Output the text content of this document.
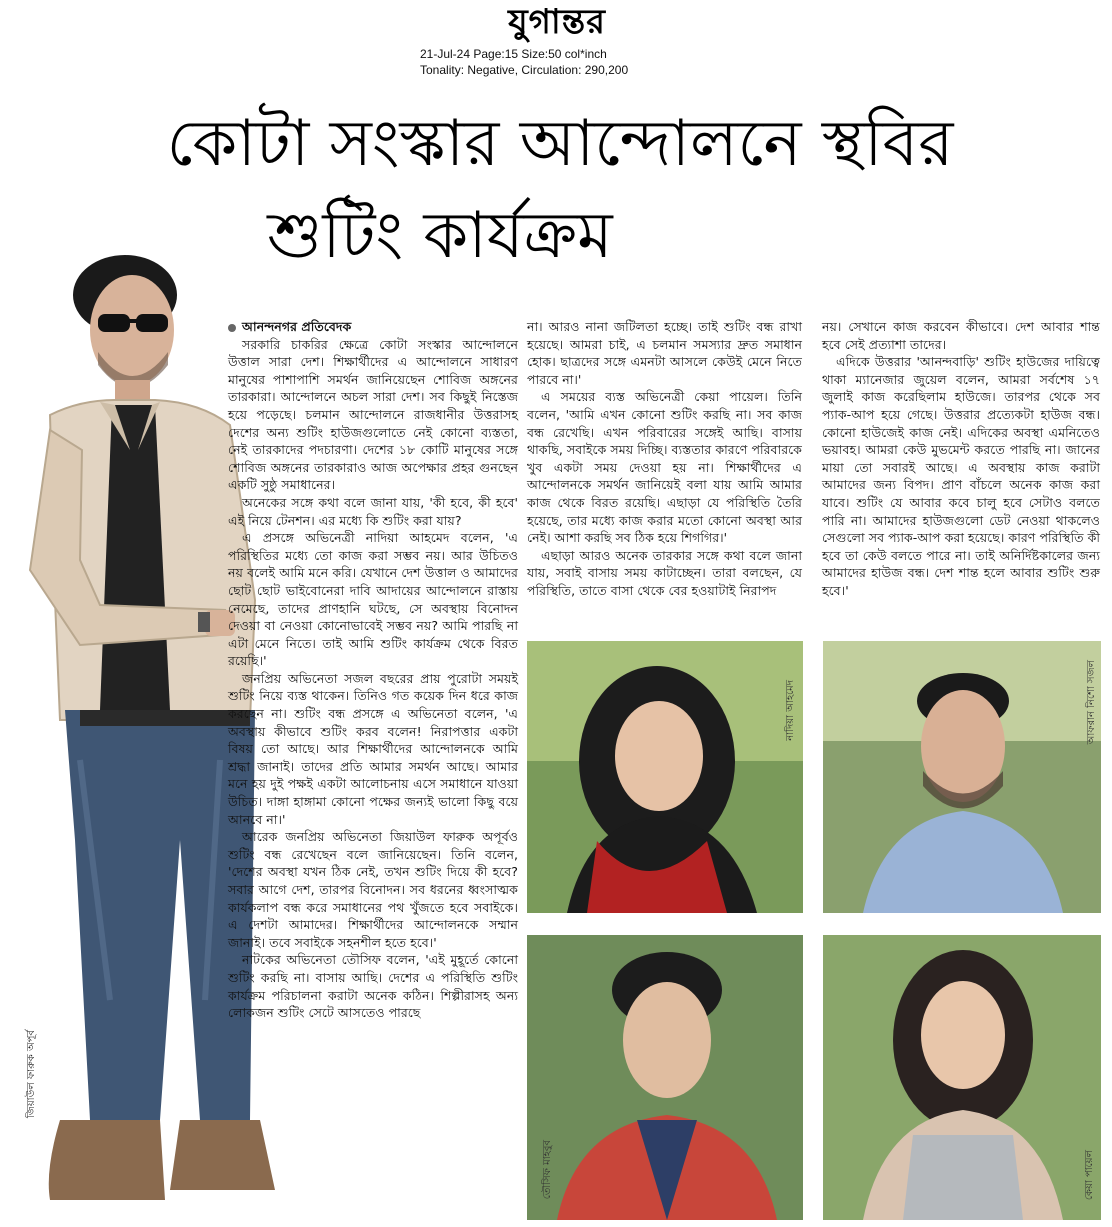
যুগান্তর
21-Jul-24 Page:15 Size:50 col*inch
Tonality: Negative, Circulation: 290,200
কোটা সংস্কার আন্দোলনে স্থবির

শুটিং কার্যক্রম
জিয়াউল ফারুক অপূর্ব

আনন্দনগর প্রতিবেদক

সরকারি চাকরির ক্ষেত্রে কোটা সংস্কার আন্দোলনে উত্তাল সারা দেশ। শিক্ষার্থীদের এ আন্দোলনে সাধারণ মানুষের পাশাপাশি সমর্থন জানিয়েছেন শোবিজ অঙ্গনের তারকারা। আন্দোলনে অচল সারা দেশ। সব কিছুই নিস্তেজ হয়ে পড়েছে। চলমান আন্দোলনে রাজধানীর উত্তরাসহ দেশের অন্য শুটিং হাউজগুলোতে নেই কোনো ব্যস্ততা, নেই তারকাদের পদচারণা। দেশের ১৮ কোটি মানুষের সঙ্গে শোবিজ অঙ্গনের তারকারাও আজ অপেক্ষার প্রহর গুনছেন একটি সুষ্ঠু সমাধানের।

অনেকের সঙ্গে কথা বলে জানা যায়, 'কী হবে, কী হবে' এই নিয়ে টেনশন। এর মধ্যে কি শুটিং করা যায়?

এ প্রসঙ্গে অভিনেত্রী নাদিয়া আহমেদ বলেন, 'এ পরিস্থিতির মধ্যে তো কাজ করা সম্ভব নয়। আর উচিতও নয় বলেই আমি মনে করি। যেখানে দেশ উত্তাল ও আমাদের ছোট ছোট ভাইবোনেরা দাবি আদায়ের আন্দোলনে রাস্তায় নেমেছে, তাদের প্রাণহানি ঘটছে, সে অবস্থায় বিনোদন দেওয়া বা নেওয়া কোনোভাবেই সম্ভব নয়? আমি পারছি না এটা মেনে নিতে। তাই আমি শুটিং কার্যক্রম থেকে বিরত রয়েছি।'

জনপ্রিয় অভিনেতা সজল বছরের প্রায় পুরোটা সময়ই শুটিং নিয়ে ব্যস্ত থাকেন। তিনিও গত কয়েক দিন ধরে কাজ করছেন না। শুটিং বন্ধ প্রসঙ্গে এ অভিনেতা বলেন, 'এ অবস্থায় কীভাবে শুটিং করব বলেন! নিরাপত্তার একটা বিষয় তো আছে। আর শিক্ষার্থীদের আন্দোলনকে আমি শ্রদ্ধা জানাই। তাদের প্রতি আমার সমর্থন আছে। আমার মনে হয় দুই পক্ষই একটা আলোচনায় এসে সমাধানে যাওয়া উচিত। দাঙ্গা হাঙ্গামা কোনো পক্ষের জন্যই ভালো কিছু বয়ে আনবে না।'

আরেক জনপ্রিয় অভিনেতা জিয়াউল ফারুক অপূর্বও শুটিং বন্ধ রেখেছেন বলে জানিয়েছেন। তিনি বলেন, 'দেশের অবস্থা যখন ঠিক নেই, তখন শুটিং দিয়ে কী হবে? সবার আগে দেশ, তারপর বিনোদন। সব ধরনের ধ্বংসাত্মক কার্যকলাপ বন্ধ করে সমাধানের পথ খুঁজতে হবে সবাইকে। এ দেশটা আমাদের। শিক্ষার্থীদের আন্দোলনকে সম্মান জানাই। তবে সবাইকে সহনশীল হতে হবে।'

নাটকের অভিনেতা তৌসিফ বলেন, 'এই মুহূর্তে কোনো শুটিং করছি না। বাসায় আছি। দেশের এ পরিস্থিতি শুটিং কার্যক্রম পরিচালনা করাটা অনেক কঠিন। শিল্পীরাসহ অন্য লোকজন শুটিং সেটে আসতেও পারছে

না। আরও নানা জটিলতা হচ্ছে। তাই শুটিং বন্ধ রাখা হয়েছে। আমরা চাই, এ চলমান সমস্যার দ্রুত সমাধান হোক। ছাত্রদের সঙ্গে এমনটা আসলে কেউই মেনে নিতে পারবে না।'

এ সময়ের ব্যস্ত অভিনেত্রী কেয়া পায়েল। তিনি বলেন, 'আমি এখন কোনো শুটিং করছি না। সব কাজ বন্ধ রেখেছি। এখন পরিবারের সঙ্গেই আছি। বাসায় থাকছি, সবাইকে সময় দিচ্ছি। ব্যস্ততার কারণে পরিবারকে খুব একটা সময় দেওয়া হয় না। শিক্ষার্থীদের এ আন্দোলনকে সমর্থন জানিয়েই বলা যায় আমি আমার কাজ থেকে বিরত রয়েছি। এছাড়া যে পরিস্থিতি তৈরি হয়েছে, তার মধ্যে কাজ করার মতো কোনো অবস্থা আর নেই। আশা করছি সব ঠিক হয়ে শিগগির।'

এছাড়া আরও অনেক তারকার সঙ্গে কথা বলে জানা যায়, সবাই বাসায় সময় কাটাচ্ছেন। তারা বলছেন, যে পরিস্থিতি, তাতে বাসা থেকে বের হওয়াটাই নিরাপদ

নয়। সেখানে কাজ করবেন কীভাবে। দেশ আবার শান্ত হবে সেই প্রত্যাশা তাদের।

এদিকে উত্তরার 'আনন্দবাড়ি' শুটিং হাউজের দায়িত্বে থাকা ম্যানেজার জুয়েল বলেন, আমরা সর্বশেষ ১৭ জুলাই কাজ করেছিলাম হাউজে। তারপর থেকে সব প্যাক-আপ হয়ে গেছে। উত্তরার প্রত্যেকটা হাউজ বন্ধ। কোনো হাউজেই কাজ নেই। এদিকের অবস্থা এমনিতেও ভয়াবহ। আমরা কেউ মুভমেন্ট করতে পারছি না। জানের মায়া তো সবারই আছে। এ অবস্থায় কাজ করাটা আমাদের জন্য বিপদ। প্রাণ বাঁচলে অনেক কাজ করা যাবে। শুটিং যে আবার কবে চালু হবে সেটাও বলতে পারি না। আমাদের হাউজগুলো ডেট নেওয়া থাকলেও সেগুলো সব প্যাক-আপ করা হয়েছে। কারণ পরিস্থিতি কী হবে তা কেউ বলতে পারে না। তাই অনির্দিষ্টকালের জন্য আমাদের হাউজ বন্ধ। দেশ শান্ত হলে আবার শুটিং শুরু হবে।'

নাদিয়া আহমেদ	আফরান নিশো সজল
তৌসিফ মাহবুব	কেয়া পায়েল
